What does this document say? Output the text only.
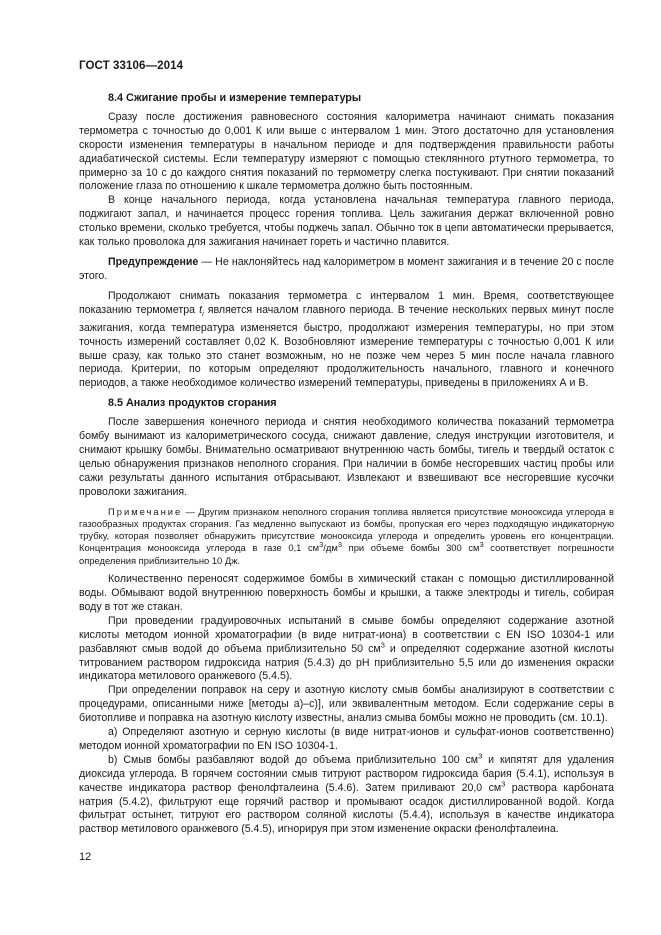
ГОСТ 33106—2014
8.4 Сжигание пробы и измерение температуры

Сразу после достижения равновесного состояния калориметра начинают снимать показания термометра с точностью до 0,001 К или выше с интервалом 1 мин. Этого достаточно для установления скорости изменения температуры в начальном периоде и для подтверждения правильности работы адиабатической системы. Если температуру измеряют с помощью стеклянного ртутного термометра, то примерно за 10 с до каждого снятия показаний по термометру слегка постукивают. При снятии показаний положение глаза по отношению к шкале термометра должно быть постоянным.

В конце начального периода, когда установлена начальная температура главного периода, поджигают запал, и начинается процесс горения топлива. Цель зажигания держат включенной ровно столько времени, сколько требуется, чтобы поджечь запал. Обычно ток в цепи автоматически прерывается, как только проволока для зажигания начинает гореть и частично плавится.

Предупреждение — Не наклоняйтесь над калориметром в момент зажигания и в течение 20 с после этого.

Продолжают снимать показания термометра с интервалом 1 мин. Время, соответствующее показанию термометра $t_i$ является началом главного периода. В течение нескольких первых минут после зажигания, когда температура изменяется быстро, продолжают измерения температуры, но при этом точность измерений составляет 0,02 К. Возобновляют измерение температуры с точностью 0,001 К или выше сразу, как только это станет возможным, но не позже чем через 5 мин после начала главного периода. Критерии, по которым определяют продолжительность начального, главного и конечного периодов, а также необходимое количество измерений температуры, приведены в приложениях А и В.

8.5 Анализ продуктов сгорания

После завершения конечного периода и снятия необходимого количества показаний термометра бомбу вынимают из калориметрического сосуда, снижают давление, следуя инструкции изготовителя, и снимают крышку бомбы. Внимательно осматривают внутреннюю часть бомбы, тигель и твердый остаток с целью обнаружения признаков неполного сгорания. При наличии в бомбе несгоревших частиц пробы или сажи результаты данного испытания отбрасывают. Извлекают и взвешивают все несгоревшие кусочки проволоки зажигания.

Примечание — Другим признаком неполного сгорания топлива является присутствие монооксида углерода в газообразных продуктах сгорания. Газ медленно выпускают из бомбы, пропуская его через подходящую индикаторную трубку, которая позволяет обнаружить присутствие монооксида углерода и определить уровень его концентрации. Концентрация монооксида углерода в газе 0,1 $см^3/дм^3$ при объеме бомбы 300 $см^3$ соответствует погрешности определения приблизительно 10 Дж.

Количественно переносят содержимое бомбы в химический стакан с помощью дистиллированной воды. Обмывают водой внутреннюю поверхность бомбы и крышки, а также электроды и тигель, собирая воду в тот же стакан.

При проведении градуировочных испытаний в смыве бомбы определяют содержание азотной кислоты методом ионной хроматографии (в виде нитрат-иона) в соответствии с EN ISO 10304-1 или разбавляют смыв водой до объема приблизительно 50 $см^3$ и определяют содержание азотной кислоты титрованием раствором гидроксида натрия (5.4.3) до pH приблизительно 5,5 или до изменения окраски индикатора метилового оранжевого (5.4.5).

При определении поправок на серу и азотную кислоту смыв бомбы анализируют в соответствии с процедурами, описанными ниже [методы а)–с)], или эквивалентным методом. Если содержание серы в биотопливе и поправка на азотную кислоту известны, анализ смыва бомбы можно не проводить (см. 10.1).

a) Определяют азотную и серную кислоты (в виде нитрат-ионов и сульфат-ионов соответственно) методом ионной хроматографии по EN ISO 10304-1.

b) Смыв бомбы разбавляют водой до объема приблизительно 100 $см^3$ и кипятят для удаления диоксида углерода. В горячем состоянии смыв титруют раствором гидроксида бария (5.4.1), используя в качестве индикатора раствор фенолфталеина (5.4.6). Затем приливают 20,0 $см^3$ раствора карбоната натрия (5.4.2), фильтруют еще горячий раствор и промывают осадок дистиллированной водой. Когда фильтрат остынет, титруют его раствором соляной кислоты (5.4.4), используя в качестве индикатора раствор метилового оранжевого (5.4.5), игнорируя при этом изменение окраски фенолфталеина.

12
